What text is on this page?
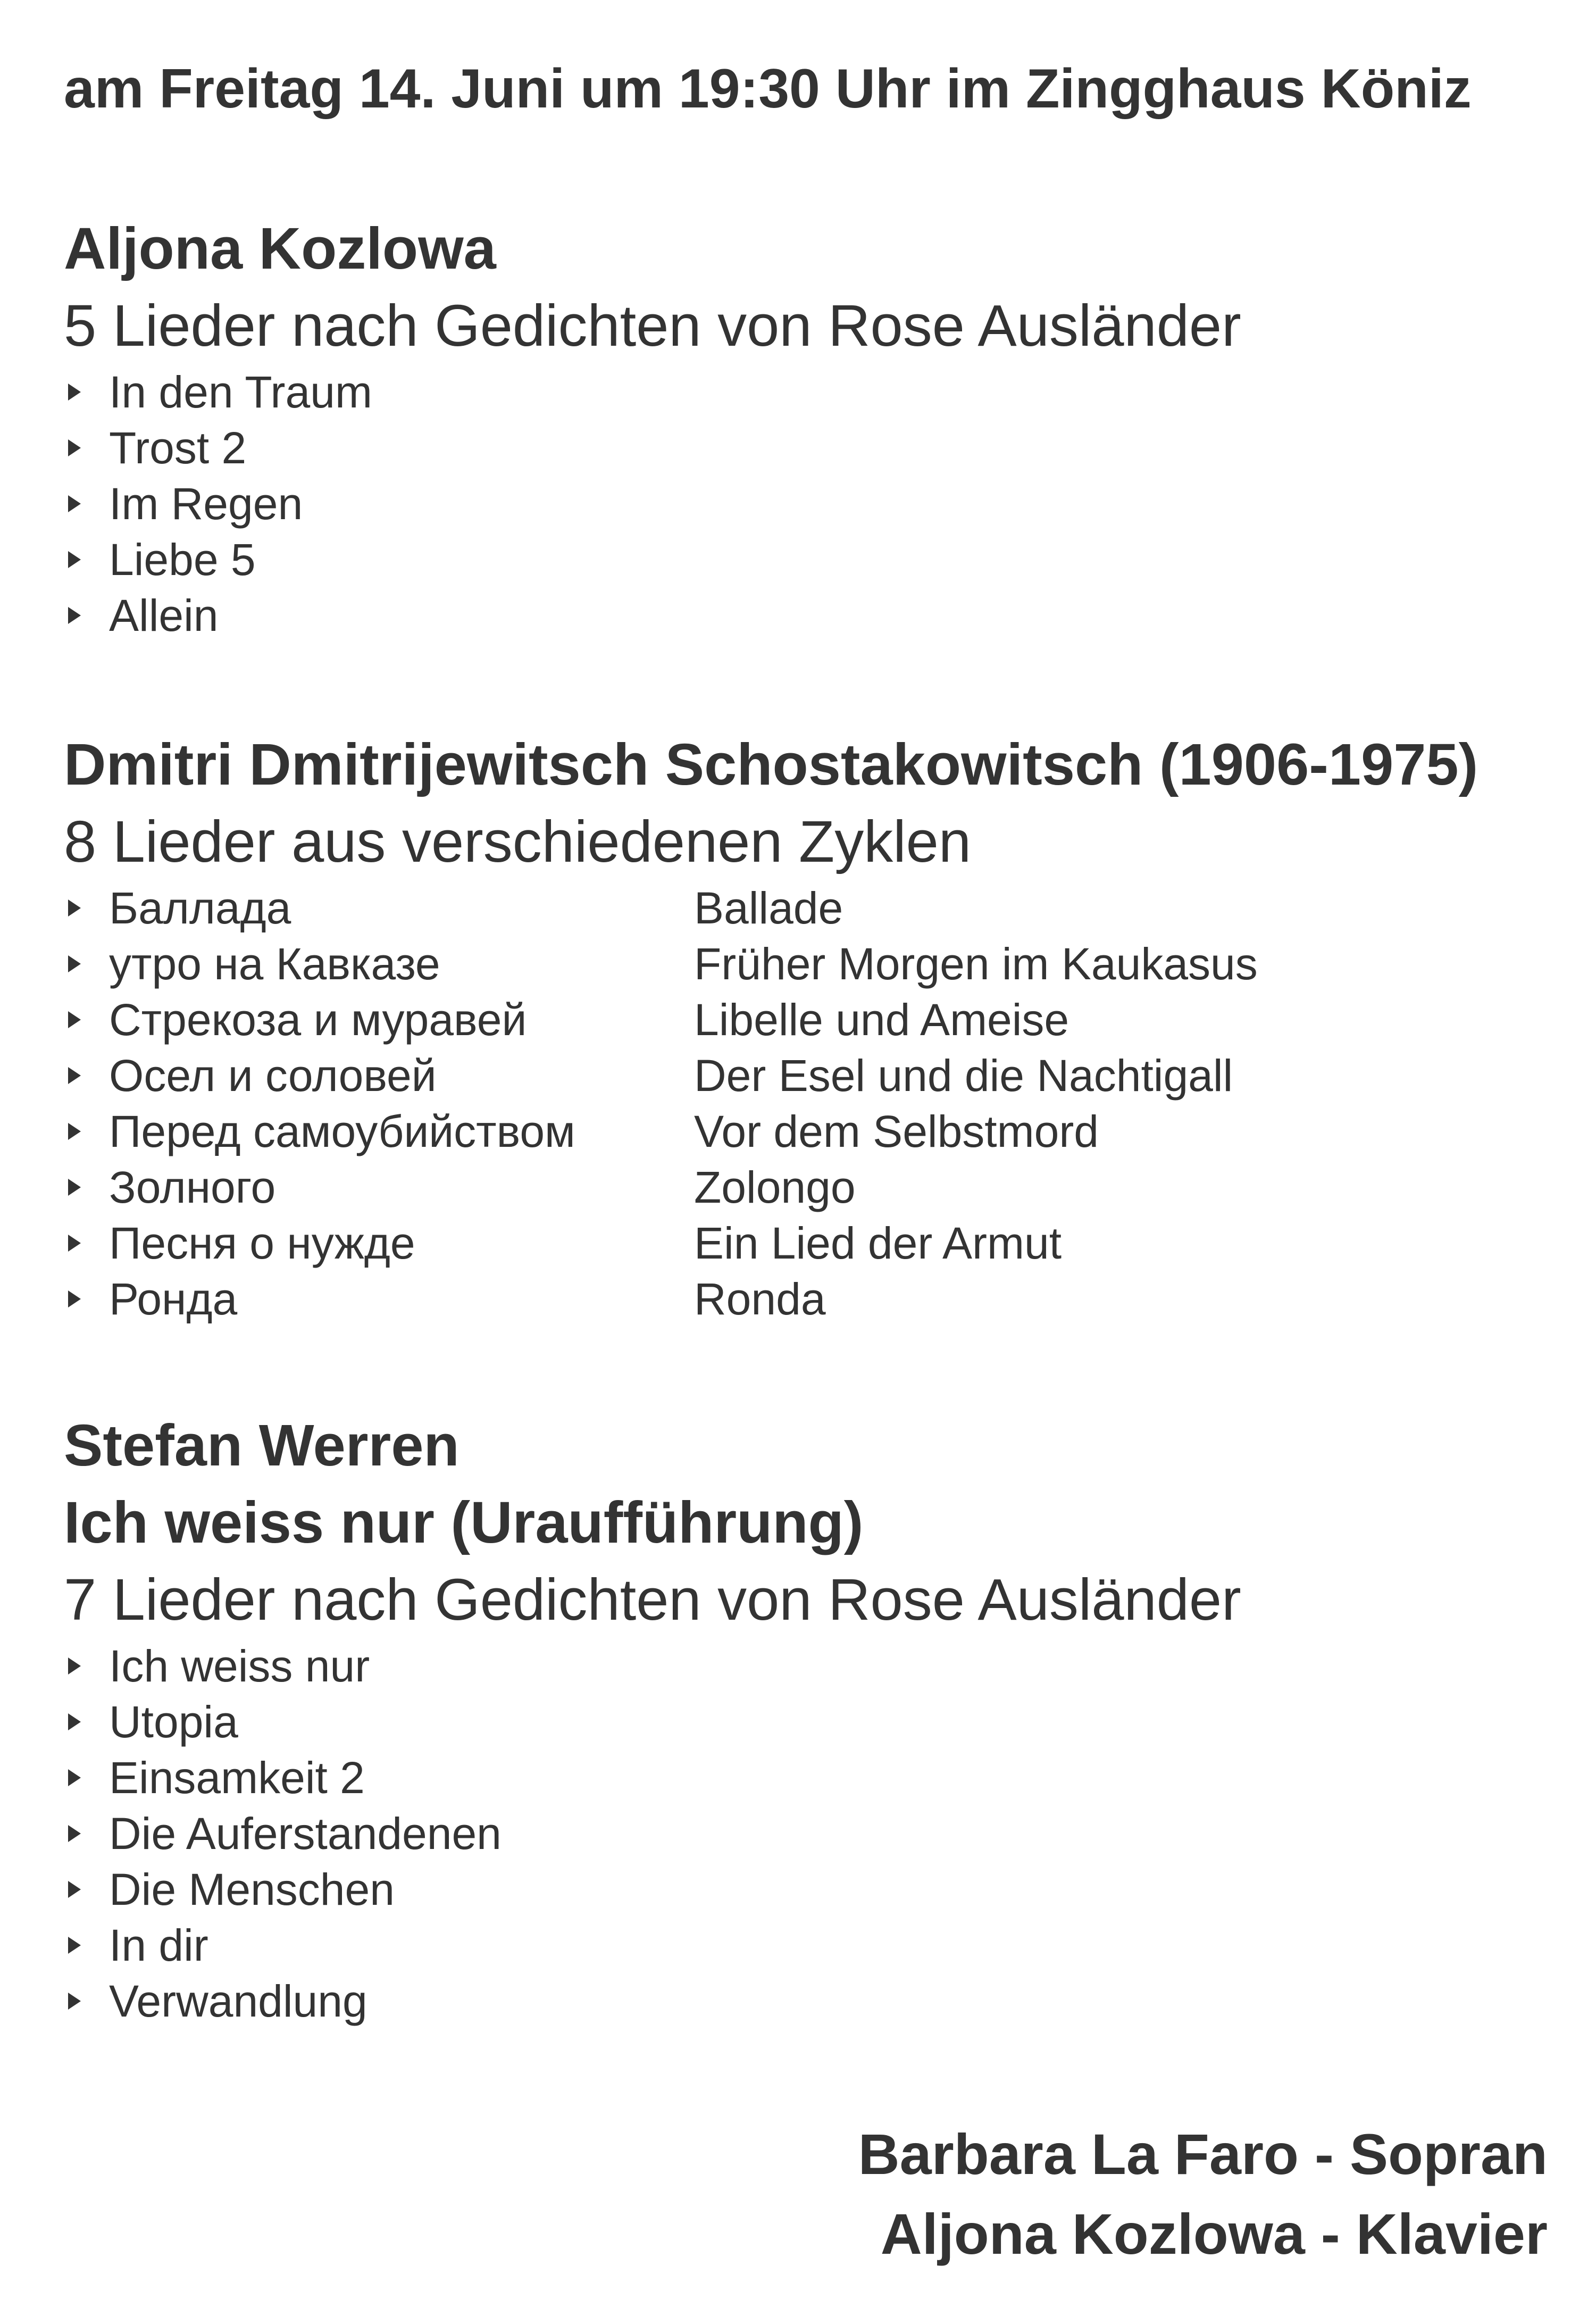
am Freitag 14. Juni um 19:30 Uhr im Zingghaus Köniz
Aljona Kozlowa
5 Lieder nach Gedichten von Rose Ausländer
In den Traum
Trost 2
Im Regen
Liebe 5
Allein
Dmitri Dmitrijewitsch Schostakowitsch (1906-1975)
8 Lieder aus verschiedenen Zyklen
Баллада	Ballade
утро на Кавказе	Früher Morgen im Kaukasus
Стрекоза и муравей	Libelle und Ameise
Осел и соловей	Der Esel und die Nachtigall
Перед самоубийством	Vor dem Selbstmord
Золного	Zolongo
Песня о нужде	Ein Lied der Armut
Ронда	Ronda
Stefan Werren
Ich weiss nur (Uraufführung)
7 Lieder nach Gedichten von Rose Ausländer
Ich weiss nur
Utopia
Einsamkeit 2
Die Auferstandenen
Die Menschen
In dir
Verwandlung
Barbara La Faro - Sopran
Aljona Kozlowa - Klavier
